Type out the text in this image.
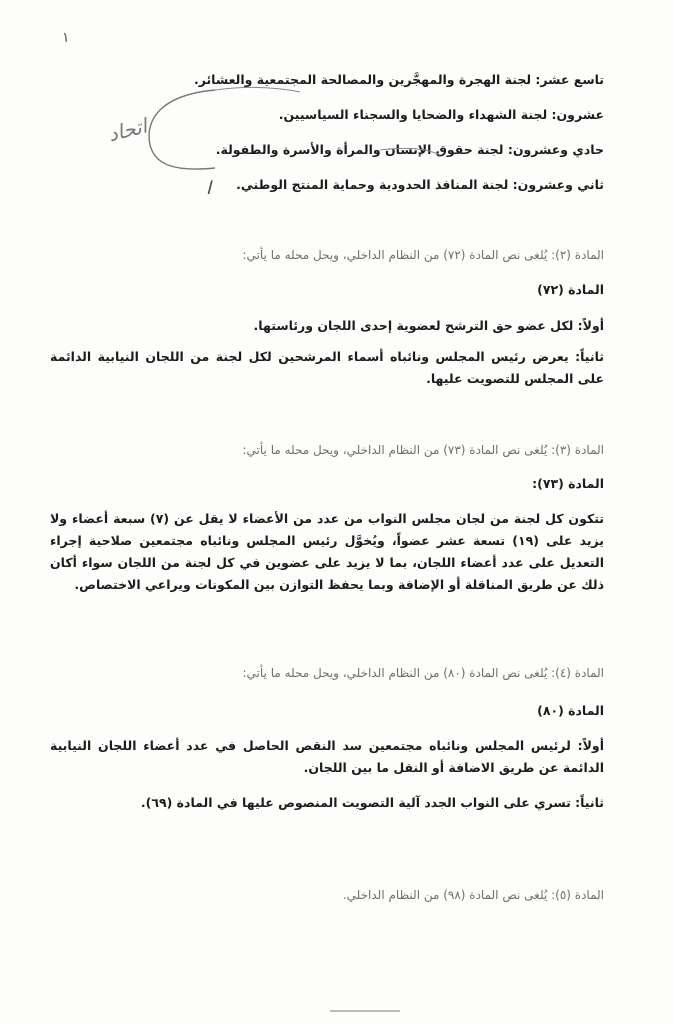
١
تاسع عشر: لجنة الهجرة والمهجَّرين والمصالحة المجتمعية والعشائر.
عشرون: لجنة الشهداء والضحايا والسجناء السياسيين.
حادي وعشرون: لجنة حقوق الإنسان والمرأة والأسرة والطفولة.
ثاني وعشرون: لجنة المنافذ الحدودية وحماية المنتج الوطني.
اتحاد
ا
المادة (٢): يُلغى نص المادة (٧٢) من النظام الداخلي، ويحل محله ما يأتي:
المادة (٧٢)
أولاً: لكل عضو حق الترشح لعضوية إحدى اللجان ورئاستها.
ثانياً: يعرض رئيس المجلس ونائباه أسماء المرشحين لكل لجنة من اللجان النيابية الدائمة على المجلس للتصويت عليها.
المادة (٣): يُلغى نص المادة (٧٣) من النظام الداخلي، ويحل محله ما يأتي:
المادة (٧٣):
تتكون كل لجنة من لجان مجلس النواب من عدد من الأعضاء لا يقل عن (٧) سبعة أعضاء ولا يزيد على (١٩) تسعة عشر عضواً، ويُخوَّل رئيس المجلس ونائباه مجتمعين صلاحية إجراء التعديل على عدد أعضاء اللجان، بما لا يزيد على عضوين في كل لجنة من اللجان سواء أكان ذلك عن طريق المناقلة أو الإضافة وبما يحفظ التوازن بين المكونات ويراعي الاختصاص.
المادة (٤): يُلغى نص المادة (٨٠) من النظام الداخلي، ويحل محله ما يأتي:
المادة (٨٠)
أولاً: لرئيس المجلس ونائباه مجتمعين سد النقص الحاصل في عدد أعضاء اللجان النيابية الدائمة عن طريق الاضافة أو النقل ما بين اللجان.
ثانياً: تسري على النواب الجدد آلية التصويت المنصوص عليها في المادة (٦٩).
المادة (٥): يُلغى نص المادة (٩٨) من النظام الداخلي.
